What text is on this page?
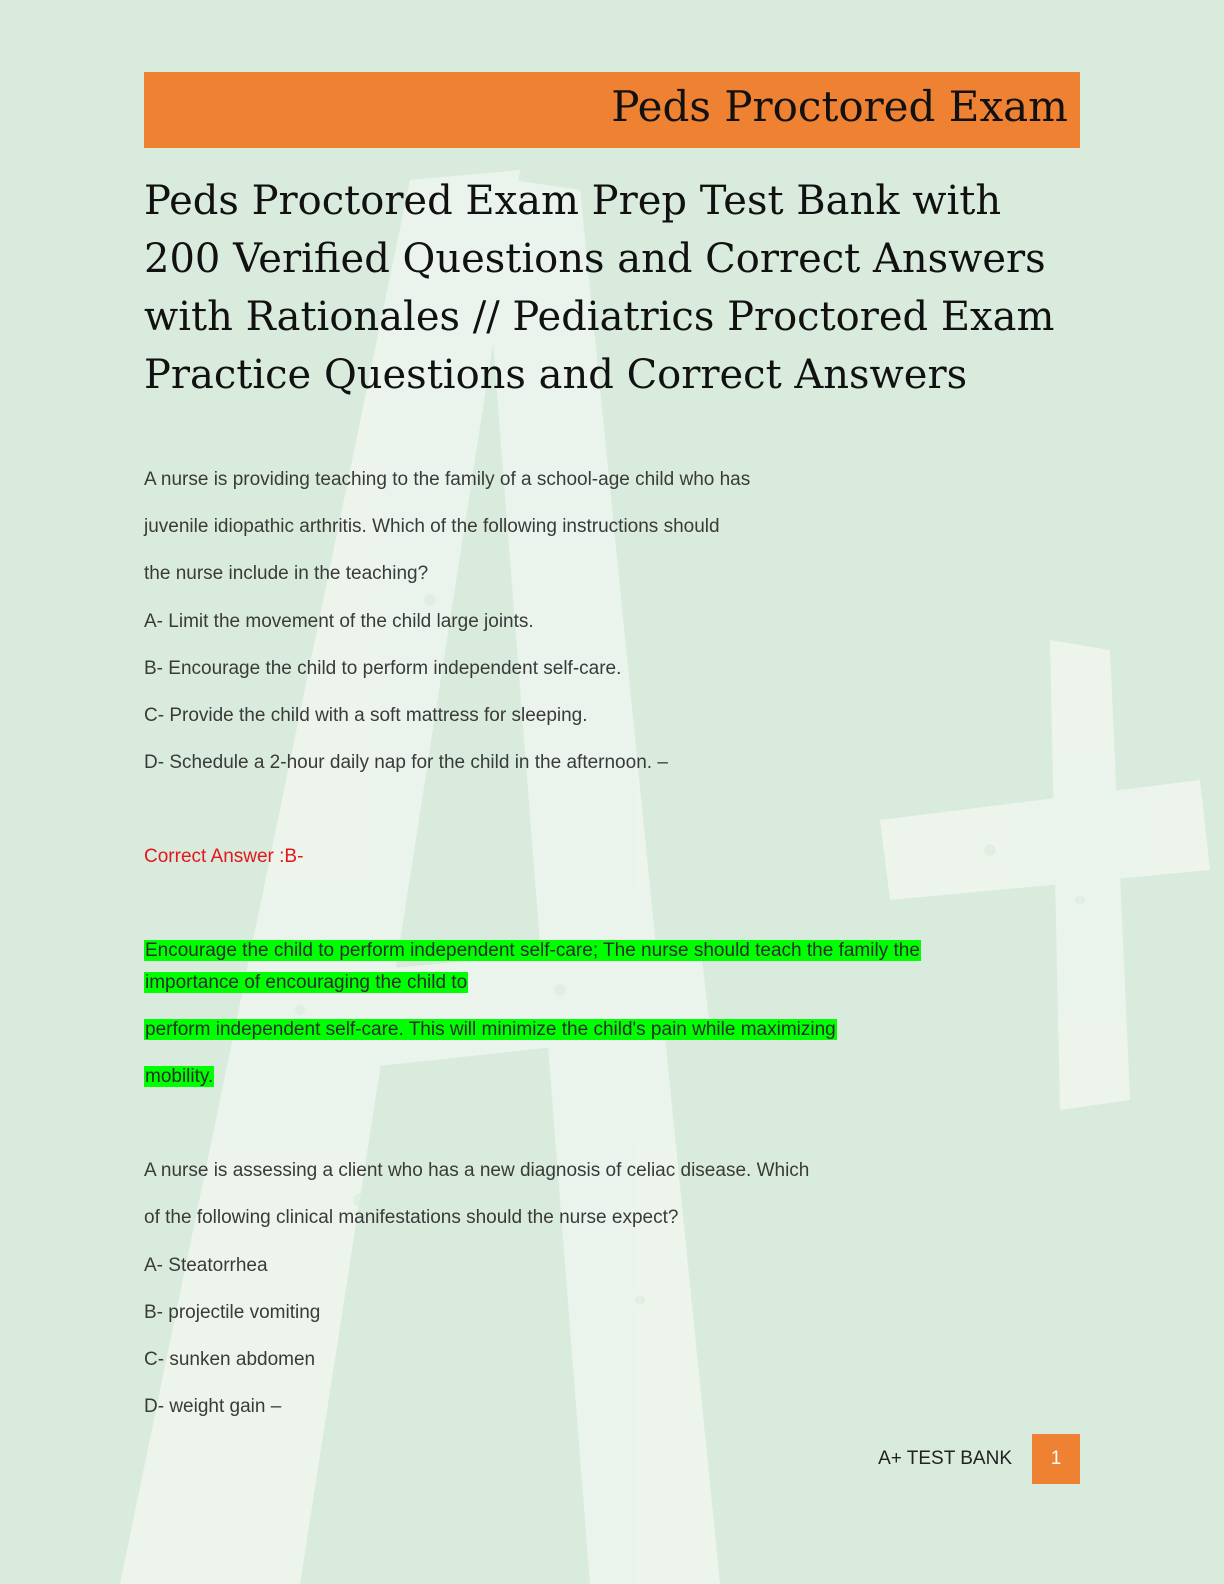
Peds Proctored Exam
Peds Proctored Exam Prep Test Bank with 200 Verified Questions and Correct Answers with Rationales // Pediatrics Proctored Exam Practice Questions and Correct Answers
A nurse is providing teaching to the family of a school-age child who has
juvenile idiopathic arthritis. Which of the following instructions should
the nurse include in the teaching?
A- Limit the movement of the child large joints.
B- Encourage the child to perform independent self-care.
C- Provide the child with a soft mattress for sleeping.
D- Schedule a 2-hour daily nap for the child in the afternoon. –
Correct Answer :B-
Encourage the child to perform independent self-care; The nurse should teach the family the
importance of encouraging the child to
perform independent self-care. This will minimize the child's pain while maximizing
mobility.
A nurse is assessing a client who has a new diagnosis of celiac disease. Which
of the following clinical manifestations should the nurse expect?
A- Steatorrhea
B- projectile vomiting
C- sunken abdomen
D- weight gain –
A+ TEST BANK	1
